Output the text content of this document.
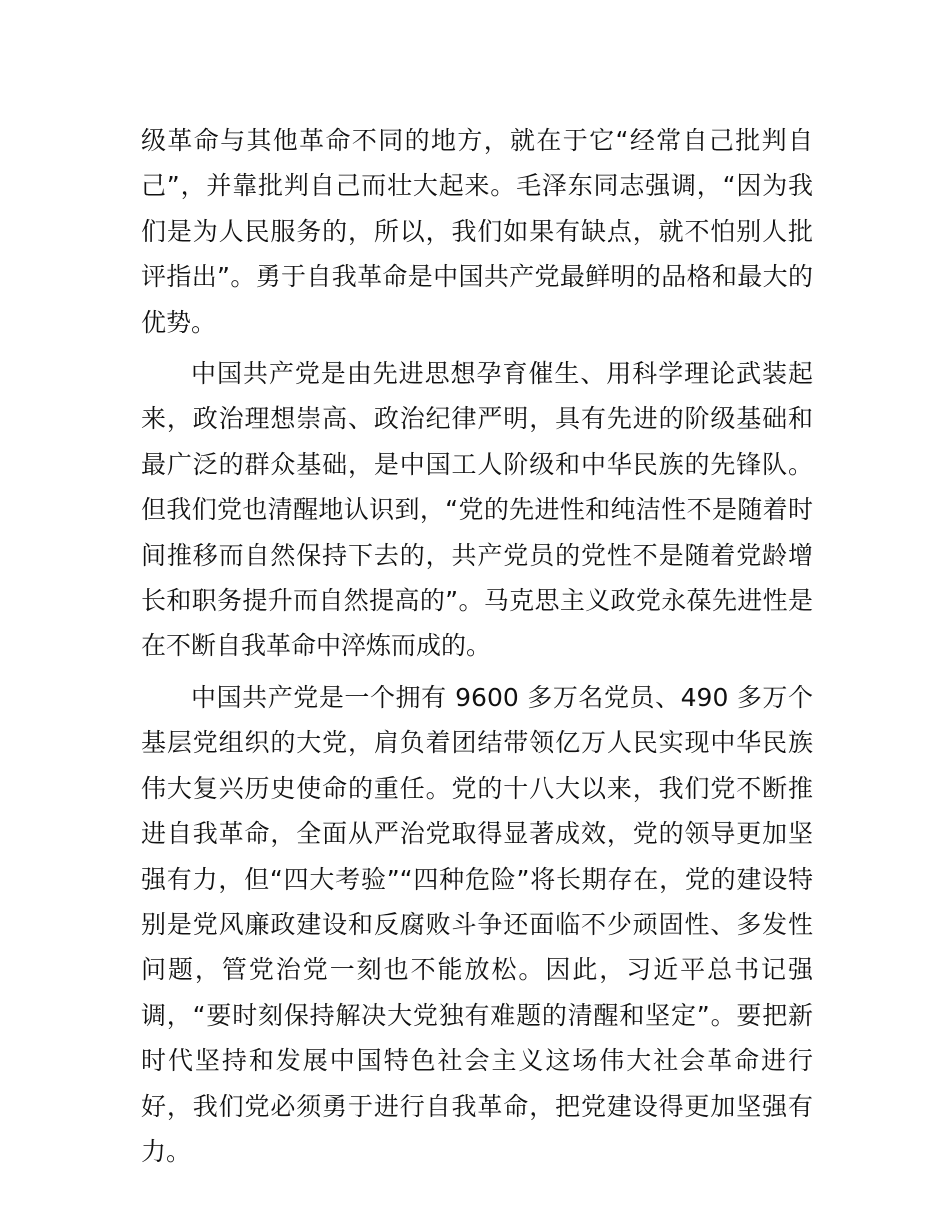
级革命与其他革命不同的地方，就在于它“经常自己批判自己”，并靠批判自己而壮大起来。毛泽东同志强调，“因为我们是为人民服务的，所以，我们如果有缺点，就不怕别人批评指出”。勇于自我革命是中国共产党最鲜明的品格和最大的优势。

中国共产党是由先进思想孕育催生、用科学理论武装起来，政治理想崇高、政治纪律严明，具有先进的阶级基础和最广泛的群众基础，是中国工人阶级和中华民族的先锋队。但我们党也清醒地认识到，“党的先进性和纯洁性不是随着时间推移而自然保持下去的，共产党员的党性不是随着党龄增长和职务提升而自然提高的”。马克思主义政党永葆先进性是在不断自我革命中淬炼而成的。

中国共产党是一个拥有 9600 多万名党员、490 多万个基层党组织的大党，肩负着团结带领亿万人民实现中华民族伟大复兴历史使命的重任。党的十八大以来，我们党不断推进自我革命，全面从严治党取得显著成效，党的领导更加坚强有力，但“四大考验”“四种危险”将长期存在，党的建设特别是党风廉政建设和反腐败斗争还面临不少顽固性、多发性问题，管党治党一刻也不能放松。因此，习近平总书记强调，“要时刻保持解决大党独有难题的清醒和坚定”。要把新时代坚持和发展中国特色社会主义这场伟大社会革命进行好，我们党必须勇于进行自我革命，把党建设得更加坚强有力。
